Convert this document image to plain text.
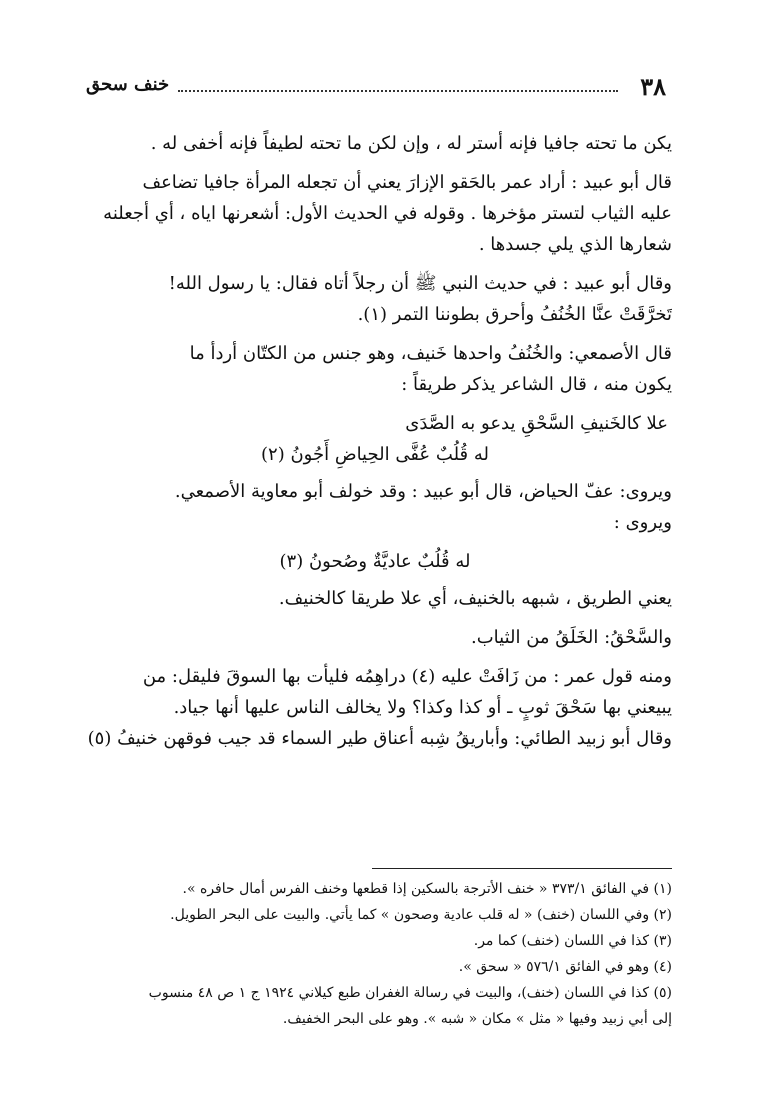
٣٨
خنف سحق
يكن ما تحته جافيا فإنه أستر له ، وإن لكن ما تحته لطيفاً فإنه أخفى له .
قال أبو عبيد : أراد عمر بالحَقو الإزارَ يعني أن تجعله المرأة جافيا تضاعف
عليه الثياب لتستر مؤخرها . وقوله في الحديث الأول: أشعرنها اياه ، أي أجعلنه
شعارها الذي يلي جسدها .
وقال أبو عبيد : في حديث النبي ﷺ أن رجلاً أتاه فقال: يا رسول الله!
تَخرَّقَتْ عنَّا الخُنُفُ وأحرق بطوننا التمر (١).
قال الأصمعي: والخُنُفُ واحدها خَنيف، وهو جنس من الكتّان أردأ ما
يكون منه ، قال الشاعر يذكر طريقاً :
علا كالخَنيفِ السَّحْقِ يدعو به الصَّدَى
له قُلُبٌ عُفَّى الحِياضِ أَجُونُ (٢)
ويروى: عفّ الحياض، قال أبو عبيد : وقد خولف أبو معاوية الأصمعي.
ويروى :
له قُلُبٌ عاديَّةٌ وصُحونُ (٣)
يعني الطريق ، شبهه بالخنيف، أي علا طريقا كالخنيف.
والسَّحْقُ: الخَلَقُ من الثياب.
ومنه قول عمر : من زَافَتْ عليه (٤) دراهِمُه فليأت بها السوقَ فليقل: من
يبيعني بها سَحْقَ ثوبٍ ـ أو كذا وكذا؟ ولا يخالف الناس عليها أنها جياد.
وقال أبو زبيد الطائي: وأباريقُ شِبه أعناق طير السماء قد جيب فوقهن خنيفُ (٥)
(١) في الفائق ٣٧٣/١ « خنف الأترجة بالسكين إذا قطعها وخنف الفرس أمال حافره ».
(٢) وفي اللسان (خنف) « له قلب عادية وصحون » كما يأتي. والبيت على البحر الطويل.
(٣) كذا في اللسان (خنف) كما مر.
(٤) وهو في الفائق ٥٧٦/١ « سحق ».
(٥) كذا في اللسان (خنف)، والبيت في رسالة الغفران طبع كيلاني ١٩٢٤ ج ١ ص ٤٨ منسوب
إلى أبي زبيد وفيها « مثل » مكان « شبه ». وهو على البحر الخفيف.
